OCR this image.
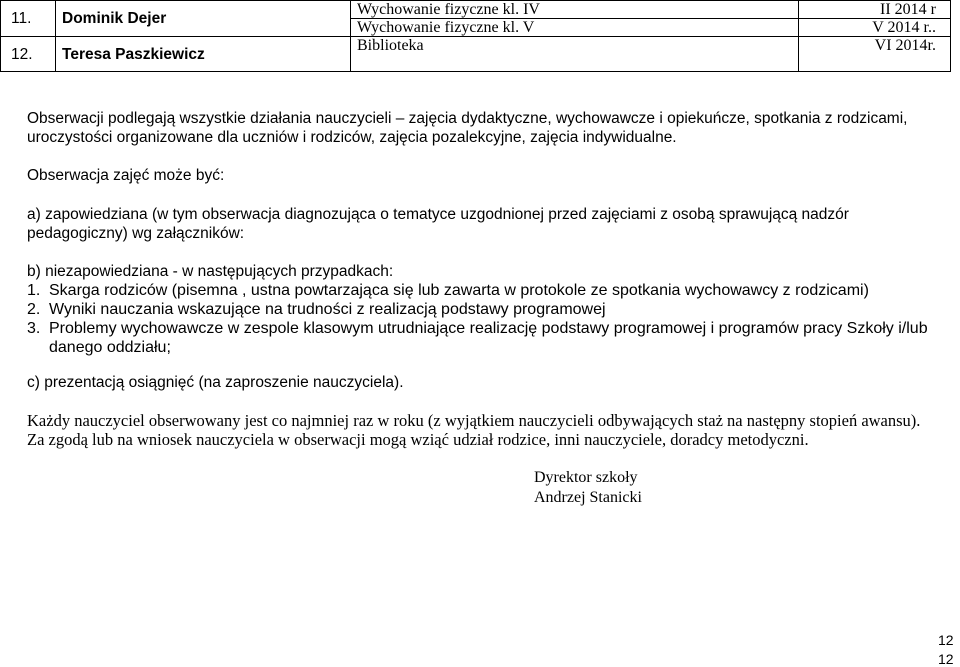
11.	Dominik Dejer	Wychowanie fizyczne kl. IV	II 2014 r
		Wychowanie fizyczne kl. V	V 2014 r..
12.	Teresa Paszkiewicz	Biblioteka	VI 2014r.

Obserwacji podlegają wszystkie działania nauczycieli – zajęcia dydaktyczne, wychowawcze i opiekuńcze, spotkania z rodzicami, uroczystości organizowane dla uczniów i rodziców, zajęcia pozalekcyjne, zajęcia indywidualne.

Obserwacja zajęć może być:

a) zapowiedziana (w tym obserwacja diagnozująca o tematyce uzgodnionej przed zajęciami z osobą sprawującą nadzór pedagogiczny) wg załączników:

b) niezapowiedziana - w następujących przypadkach:

1. Skarga rodziców (pisemna , ustna powtarzająca się lub zawarta w protokole ze spotkania wychowawcy z rodzicami)
2. Wyniki nauczania wskazujące na trudności z realizacją podstawy programowej
3. Problemy wychowawcze w zespole klasowym utrudniające realizację podstawy programowej i programów pracy Szkoły i/lub danego oddziału;

c) prezentacją osiągnięć (na zaproszenie nauczyciela).

Każdy nauczyciel obserwowany jest co najmniej raz w roku (z wyjątkiem nauczycieli odbywających staż na następny stopień awansu).

Za zgodą lub na wniosek nauczyciela w obserwacji mogą wziąć udział rodzice, inni nauczyciele, doradcy metodyczni.

Dyrektor szkoły
Andrzej Stanicki
12
12
